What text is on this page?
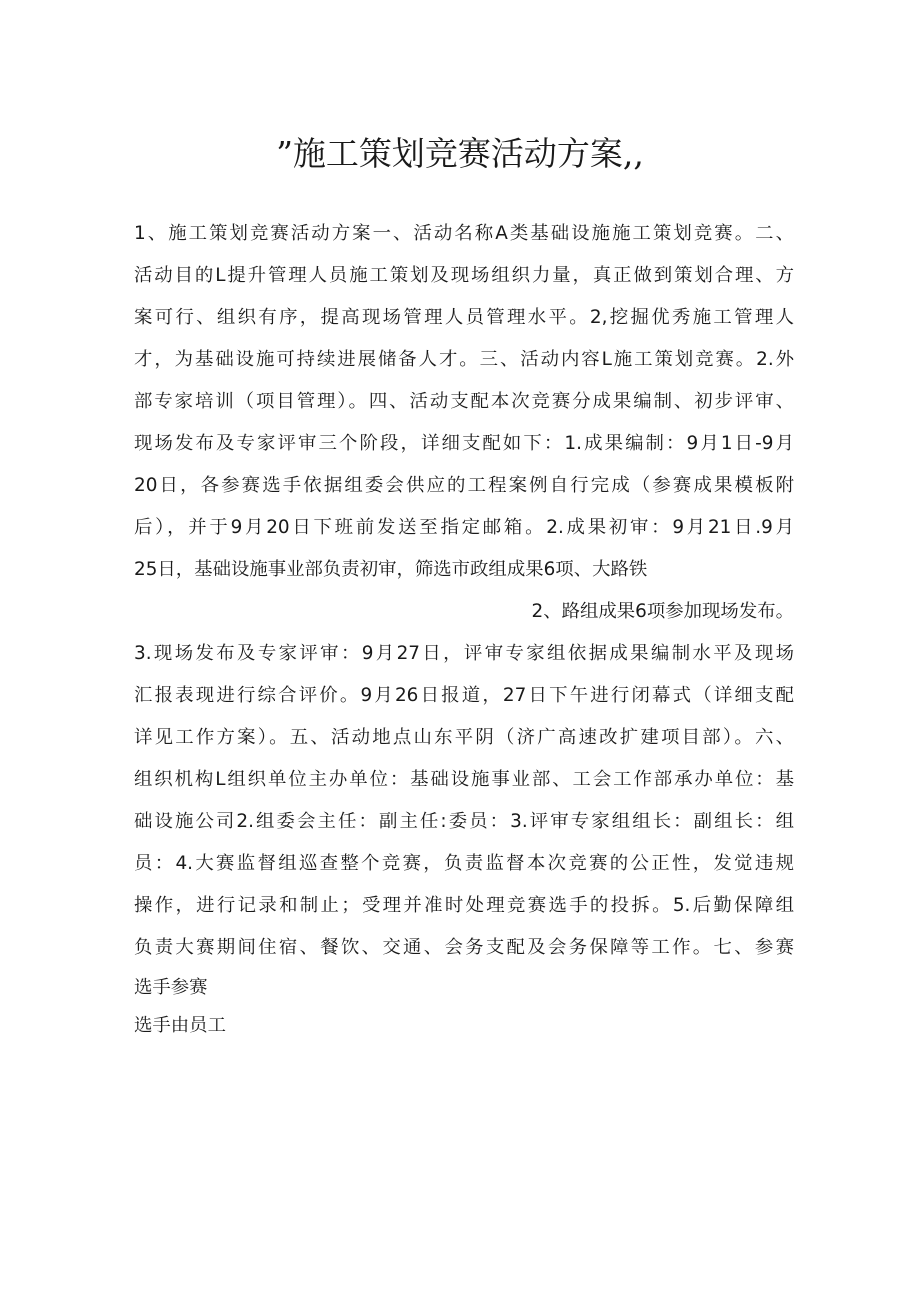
”施工策划竞赛活动方案,,
1、施工策划竞赛活动方案一、活动名称A类基础设施施工策划竞赛。二、
活动目的L提升管理人员施工策划及现场组织力量，真正做到策划合理、方
案可行、组织有序，提高现场管理人员管理水平。2,挖掘优秀施工管理人
才，为基础设施可持续进展储备人才。三、活动内容L施工策划竞赛。2.外
部专家培训（项目管理）。四、活动支配本次竞赛分成果编制、初步评审、
现场发布及专家评审三个阶段，详细支配如下：1.成果编制：9月1日-9月
20日，各参赛选手依据组委会供应的工程案例自行完成（参赛成果模板附
后），并于9月20日下班前发送至指定邮箱。2.成果初审：9月21日.9月
25日，基础设施事业部负责初审，筛选市政组成果6项、大路铁
2、路组成果6项参加现场发布。
3.现场发布及专家评审：9月27日，评审专家组依据成果编制水平及现场
汇报表现进行综合评价。9月26日报道，27日下午进行闭幕式（详细支配
详见工作方案）。五、活动地点山东平阴（济广高速改扩建项目部）。六、
组织机构L组织单位主办单位：基础设施事业部、工会工作部承办单位：基
础设施公司2.组委会主任：副主任:委员：3.评审专家组组长：副组长：组
员：4.大赛监督组巡查整个竞赛，负责监督本次竞赛的公正性，发觉违规
操作，进行记录和制止；受理并准时处理竞赛选手的投拆。5.后勤保障组
负责大赛期间住宿、餐饮、交通、会务支配及会务保障等工作。七、参赛
选手参赛
选手由员工
